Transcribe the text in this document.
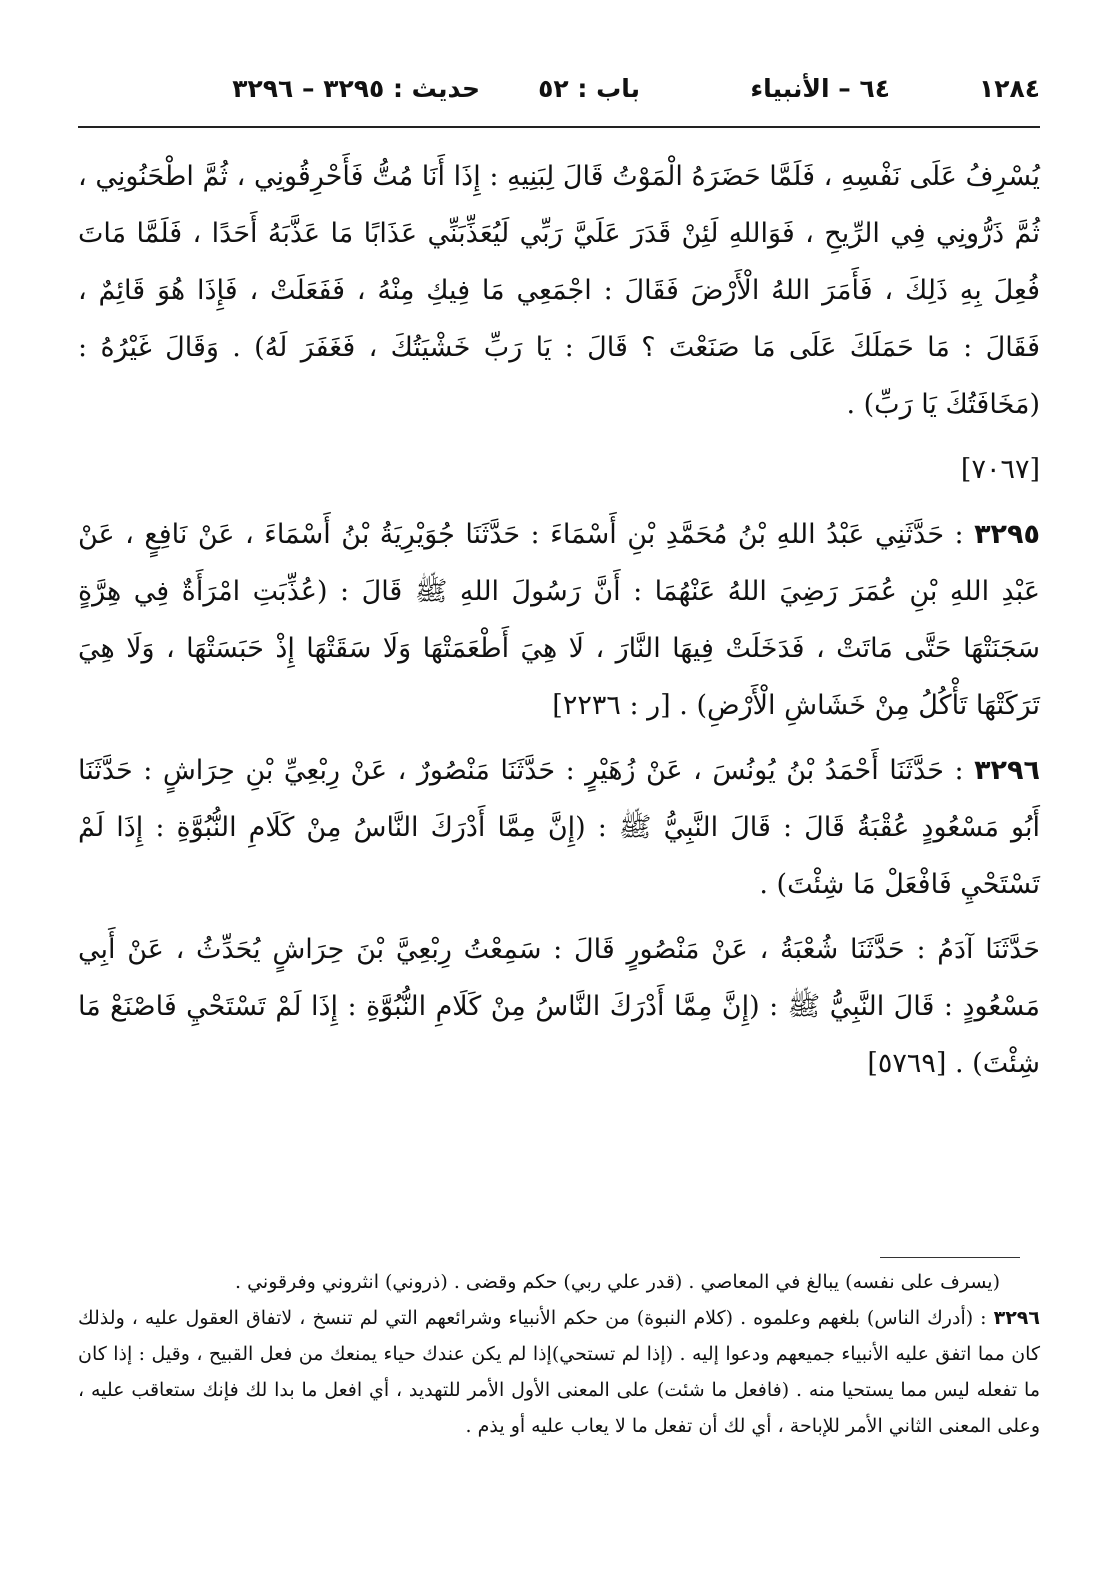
١٢٨٤
٦٤ – الأنبياء
باب : ٥٢
حديث : ٣٢٩٥ – ٣٢٩٦

يُسْرِفُ عَلَى نَفْسِهِ ، فَلَمَّا حَضَرَهُ الْمَوْتُ قَالَ لِبَنِيهِ : إِذَا أَنَا مُتُّ فَأَحْرِقُونِي ، ثُمَّ اطْحَنُونِي ، ثُمَّ ذَرُّونِي فِي الرِّيحِ ، فَوَاللهِ لَئِنْ قَدَرَ عَلَيَّ رَبِّي لَيُعَذِّبَنِّي عَذَابًا مَا عَذَّبَهُ أَحَدًا ، فَلَمَّا مَاتَ فُعِلَ بِهِ ذَلِكَ ، فَأَمَرَ اللهُ الْأَرْضَ فَقَالَ : اجْمَعِي مَا فِيكِ مِنْهُ ، فَفَعَلَتْ ، فَإِذَا هُوَ قَائِمٌ ، فَقَالَ : مَا حَمَلَكَ عَلَى مَا صَنَعْتَ ؟ قَالَ : يَا رَبِّ خَشْيَتُكَ ، فَغَفَرَ لَهُ) . وَقَالَ غَيْرُهُ : (مَخَافَتُكَ يَا رَبِّ) .

[٧٠٦٧]

٣٢٩٥ : حَدَّثَنِي عَبْدُ اللهِ بْنُ مُحَمَّدِ بْنِ أَسْمَاءَ : حَدَّثَنَا جُوَيْرِيَةُ بْنُ أَسْمَاءَ ، عَنْ نَافِعٍ ، عَنْ عَبْدِ اللهِ بْنِ عُمَرَ رَضِيَ اللهُ عَنْهُمَا : أَنَّ رَسُولَ اللهِ ﷺ قَالَ : (عُذِّبَتِ امْرَأَةٌ فِي هِرَّةٍ سَجَنَتْهَا حَتَّى مَاتَتْ ، فَدَخَلَتْ فِيهَا النَّارَ ، لَا هِيَ أَطْعَمَتْهَا وَلَا سَقَتْهَا إِذْ حَبَسَتْهَا ، وَلَا هِيَ تَرَكَتْهَا تَأْكُلُ مِنْ خَشَاشِ الْأَرْضِ) . [ر : ٢٢٣٦]

٣٢٩٦ : حَدَّثَنَا أَحْمَدُ بْنُ يُونُسَ ، عَنْ زُهَيْرٍ : حَدَّثَنَا مَنْصُورٌ ، عَنْ رِبْعِيِّ بْنِ حِرَاشٍ : حَدَّثَنَا أَبُو مَسْعُودٍ عُقْبَةُ قَالَ : قَالَ النَّبِيُّ ﷺ : (إِنَّ مِمَّا أَدْرَكَ النَّاسُ مِنْ كَلَامِ النُّبُوَّةِ : إِذَا لَمْ تَسْتَحْيِ فَافْعَلْ مَا شِئْتَ) .

حَدَّثَنَا آدَمُ : حَدَّثَنَا شُعْبَةُ ، عَنْ مَنْصُورٍ قَالَ : سَمِعْتُ رِبْعِيَّ بْنَ حِرَاشٍ يُحَدِّثُ ، عَنْ أَبِي مَسْعُودٍ : قَالَ النَّبِيُّ ﷺ : (إِنَّ مِمَّا أَدْرَكَ النَّاسُ مِنْ كَلَامِ النُّبُوَّةِ : إِذَا لَمْ تَسْتَحْيِ فَاصْنَعْ مَا شِئْتَ) . [٥٧٦٩]

(يسرف على نفسه) يبالغ في المعاصي . (قدر علي ربي) حكم وقضى . (ذروني) انثروني وفرقوني .

٣٢٩٦ : (أدرك الناس) بلغهم وعلموه . (كلام النبوة) من حكم الأنبياء وشرائعهم التي لم تنسخ ، لاتفاق العقول عليه ، ولذلك كان مما اتفق عليه الأنبياء جميعهم ودعوا إليه . (إذا لم تستحي)إذا لم يكن عندك حياء يمنعك من فعل القبيح ، وقيل : إذا كان ما تفعله ليس مما يستحيا منه . (فافعل ما شئت) على المعنى الأول الأمر للتهديد ، أي افعل ما بدا لك فإنك ستعاقب عليه ، وعلى المعنى الثاني الأمر للإباحة ، أي لك أن تفعل ما لا يعاب عليه أو يذم .
